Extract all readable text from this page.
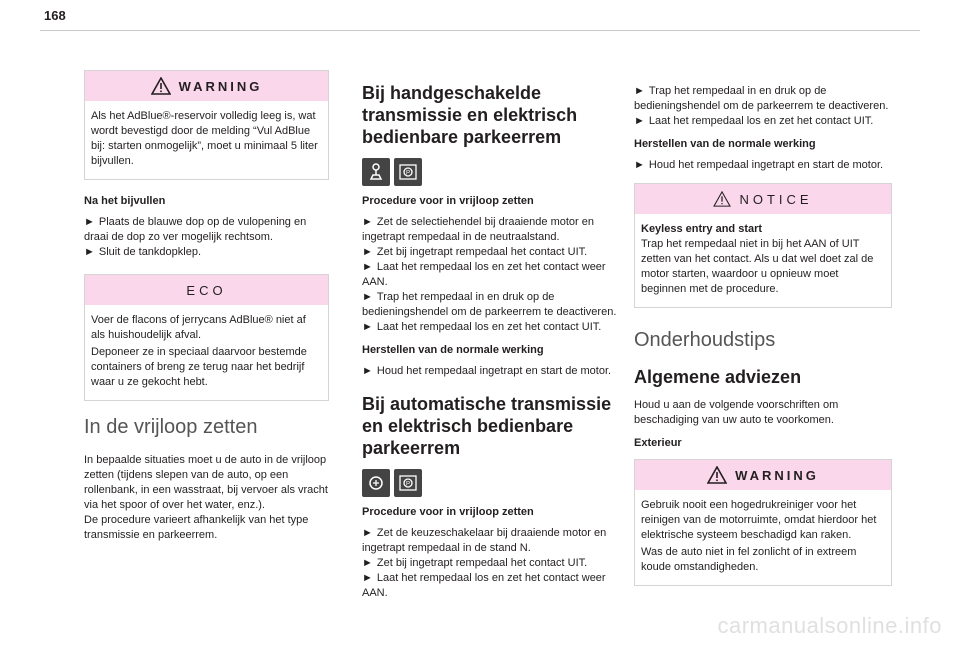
168
WARNING

Als het AdBlue®-reservoir volledig leeg is, wat wordt bevestigd door de melding “Vul AdBlue bij: starten onmogelijk”, moet u minimaal 5 liter bijvullen.

Na het bijvullen

► Plaats de blauwe dop op de vulopening en draai de dop zo ver mogelijk rechtsom.

► Sluit de tankdopklep.

ECO

Voer de flacons of jerrycans AdBlue® niet af als huishoudelijk afval.

Deponeer ze in speciaal daarvoor bestemde containers of breng ze terug naar het bedrijf waar u ze gekocht hebt.

In de vrijloop zetten

In bepaalde situaties moet u de auto in de vrijloop zetten (tijdens slepen van de auto, op een rollenbank, in een wasstraat, bij vervoer als vracht via het spoor of over het water, enz.).

De procedure varieert afhankelijk van het type transmissie en parkeerrem.

Bij handgeschakelde transmissie en elektrisch bedienbare parkeerrem
P
Procedure voor in vrijloop zetten

► Zet de selectiehendel bij draaiende motor en ingetrapt rempedaal in de neutraalstand.

► Zet bij ingetrapt rempedaal het contact UIT.

► Laat het rempedaal los en zet het contact weer AAN.

► Trap het rempedaal in en druk op de bedieningshendel om de parkeerrem te deactiveren.

► Laat het rempedaal los en zet het contact UIT.

Herstellen van de normale werking

► Houd het rempedaal ingetrapt en start de motor.

Bij automatische transmissie en elektrisch bedienbare parkeerrem
P
Procedure voor in vrijloop zetten

► Zet de keuzeschakelaar bij draaiende motor en ingetrapt rempedaal in de stand N.

► Zet bij ingetrapt rempedaal het contact UIT.

► Laat het rempedaal los en zet het contact weer AAN.

► Trap het rempedaal in en druk op de bedieningshendel om de parkeerrem te deactiveren.

► Laat het rempedaal los en zet het contact UIT.

Herstellen van de normale werking

► Houd het rempedaal ingetrapt en start de motor.

NOTICE

Keyless entry and start

Trap het rempedaal niet in bij het AAN of UIT zetten van het contact. Als u dat wel doet zal de motor starten, waardoor u opnieuw moet beginnen met de procedure.

Onderhoudstips
Algemene adviezen

Houd u aan de volgende voorschriften om beschadiging van uw auto te voorkomen.

Exterieur
WARNING

Gebruik nooit een hogedrukreiniger voor het reinigen van de motorruimte, omdat hierdoor het elektrische systeem beschadigd kan raken.

Was de auto niet in fel zonlicht of in extreem koude omstandigheden.

carmanualsonline.info
